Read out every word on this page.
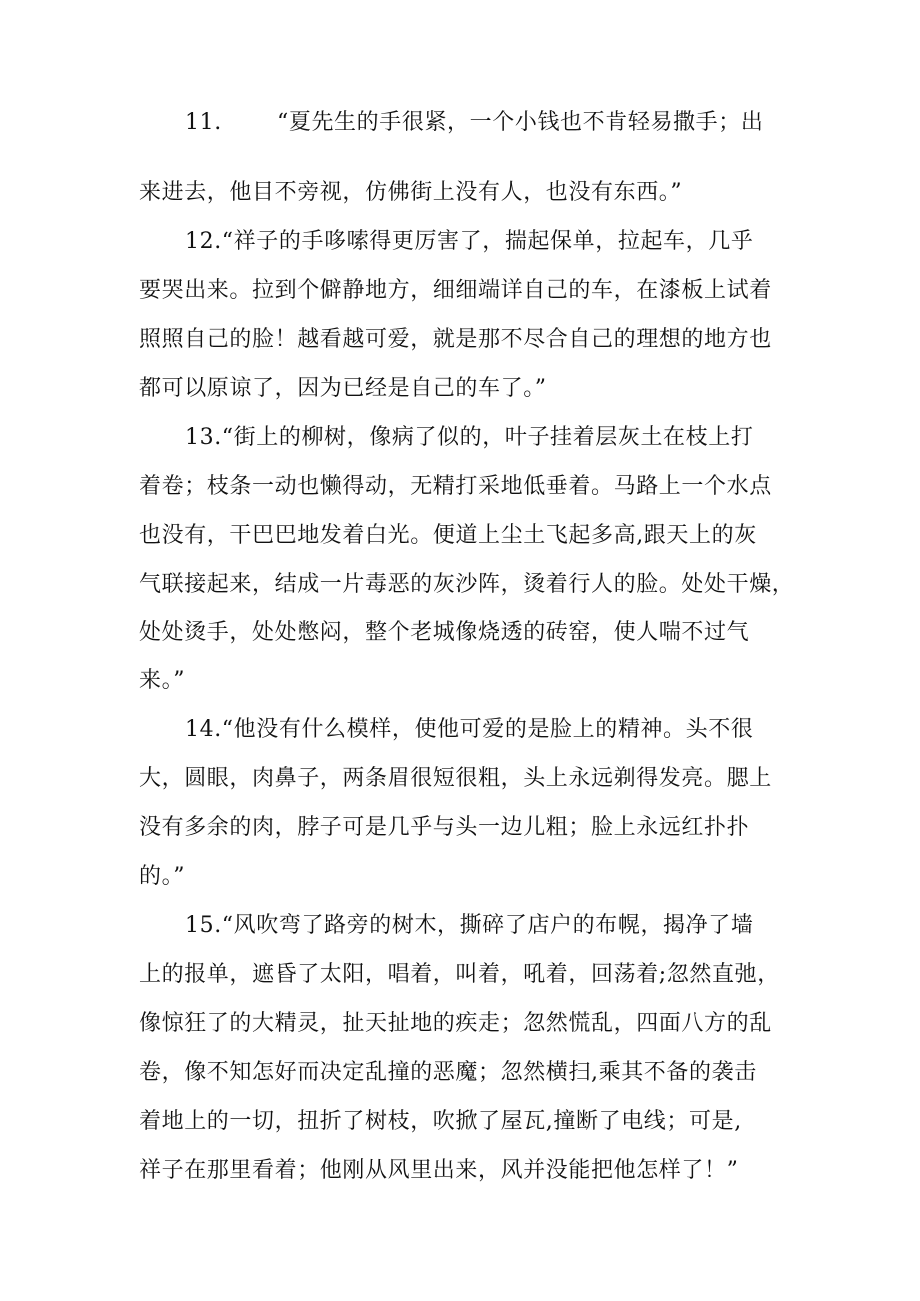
11.	“夏先生的手很紧，一个小钱也不肯轻易撒手；出
来进去，他目不旁视，仿佛街上没有人，也没有东西。”
12.“祥子的手哆嗦得更厉害了，揣起保单，拉起车，几乎
要哭出来。拉到个僻静地方，细细端详自己的车，在漆板上试着
照照自己的脸！越看越可爱，就是那不尽合自己的理想的地方也
都可以原谅了，因为已经是自己的车了。”
13.“街上的柳树，像病了似的，叶子挂着层灰土在枝上打
着卷；枝条一动也懒得动，无精打采地低垂着。马路上一个水点
也没有，干巴巴地发着白光。便道上尘土飞起多高,跟天上的灰
气联接起来，结成一片毒恶的灰沙阵，烫着行人的脸。处处干燥，
处处烫手，处处憋闷，整个老城像烧透的砖窑，使人喘不过气
来。”
14.“他没有什么模样，使他可爱的是脸上的精神。头不很
大，圆眼，肉鼻子，两条眉很短很粗，头上永远剃得发亮。腮上
没有多余的肉，脖子可是几乎与头一边儿粗；脸上永远红扑扑
的。”
15.“风吹弯了路旁的树木，撕碎了店户的布幌，揭净了墙
上的报单，遮昏了太阳，唱着，叫着，吼着，回荡着;忽然直弛，
像惊狂了的大精灵，扯天扯地的疾走；忽然慌乱，四面八方的乱
卷，像不知怎好而决定乱撞的恶魔；忽然横扫,乘其不备的袭击
着地上的一切，扭折了树枝，吹掀了屋瓦,撞断了电线；可是,
祥子在那里看着；他刚从风里出来，风并没能把他怎样了！”
